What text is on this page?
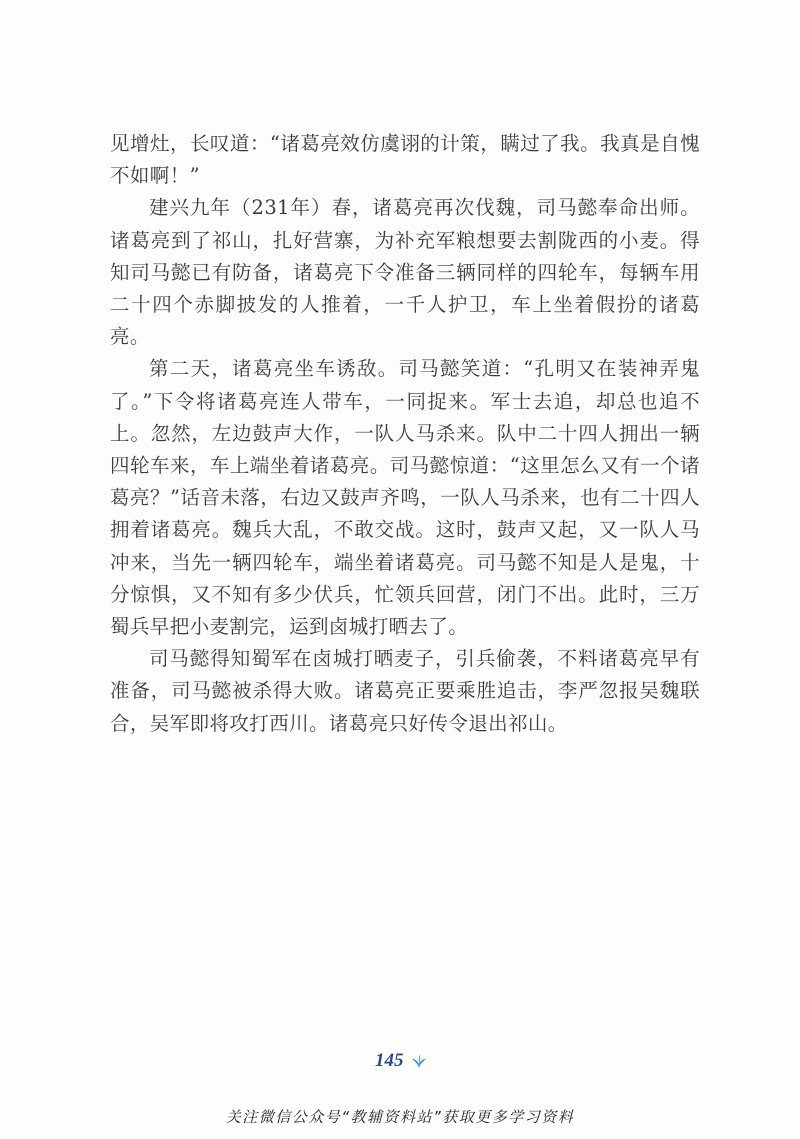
见增灶，长叹道：“诸葛亮效仿虞诩的计策，瞒过了我。我真是自愧不如啊！”

建兴九年（231年）春，诸葛亮再次伐魏，司马懿奉命出师。诸葛亮到了祁山，扎好营寨，为补充军粮想要去割陇西的小麦。得知司马懿已有防备，诸葛亮下令准备三辆同样的四轮车，每辆车用二十四个赤脚披发的人推着，一千人护卫，车上坐着假扮的诸葛亮。

第二天，诸葛亮坐车诱敌。司马懿笑道：“孔明又在装神弄鬼了。”下令将诸葛亮连人带车，一同捉来。军士去追，却总也追不上。忽然，左边鼓声大作，一队人马杀来。队中二十四人拥出一辆四轮车来，车上端坐着诸葛亮。司马懿惊道：“这里怎么又有一个诸葛亮？”话音未落，右边又鼓声齐鸣，一队人马杀来，也有二十四人拥着诸葛亮。魏兵大乱，不敢交战。这时，鼓声又起，又一队人马冲来，当先一辆四轮车，端坐着诸葛亮。司马懿不知是人是鬼，十分惊惧，又不知有多少伏兵，忙领兵回营，闭门不出。此时，三万蜀兵早把小麦割完，运到卤城打晒去了。

司马懿得知蜀军在卤城打晒麦子，引兵偷袭，不料诸葛亮早有准备，司马懿被杀得大败。诸葛亮正要乘胜追击，李严忽报吴魏联合，吴军即将攻打西川。诸葛亮只好传令退出祁山。

145
关注微信公众号“教辅资料站”获取更多学习资料
